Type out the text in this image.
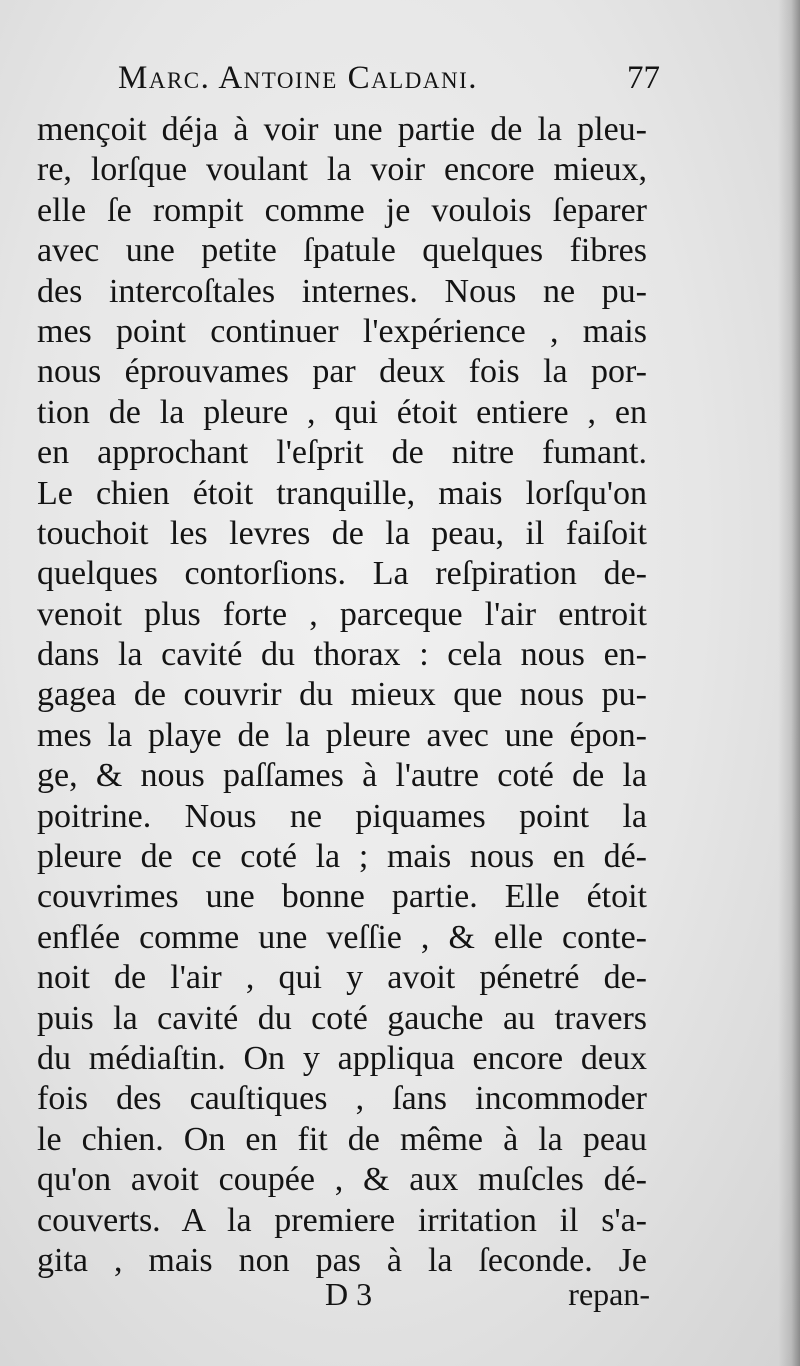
Marc. Antoine Caldani.	77
mençoit déja à voir une partie de la pleu-
re, lorſque voulant la voir encore mieux,
elle ſe rompit comme je voulois ſeparer
avec une petite ſpatule quelques fibres
des intercoſtales internes. Nous ne pu-
mes point continuer l'expérience , mais
nous éprouvames par deux fois la por-
tion de la pleure , qui étoit entiere , en
en approchant l'eſprit de nitre fumant.
Le chien étoit tranquille, mais lorſqu'on
touchoit les levres de la peau, il faiſoit
quelques contorſions. La reſpiration de-
venoit plus forte , parceque l'air entroit
dans la cavité du thorax : cela nous en-
gagea de couvrir du mieux que nous pu-
mes la playe de la pleure avec une épon-
ge, & nous paſſames à l'autre coté de la
poitrine. Nous ne piquames point la
pleure de ce coté la ; mais nous en dé-
couvrimes une bonne partie. Elle étoit
enflée comme une veſſie , & elle conte-
noit de l'air , qui y avoit pénetré de-
puis la cavité du coté gauche au travers
du médiaſtin. On y appliqua encore deux
fois des cauſtiques , ſans incommoder
le chien. On en fit de même à la peau
qu'on avoit coupée , & aux muſcles dé-
couverts. A la premiere irritation il s'a-
gita , mais non pas à la ſeconde. Je
D 3	repan-
